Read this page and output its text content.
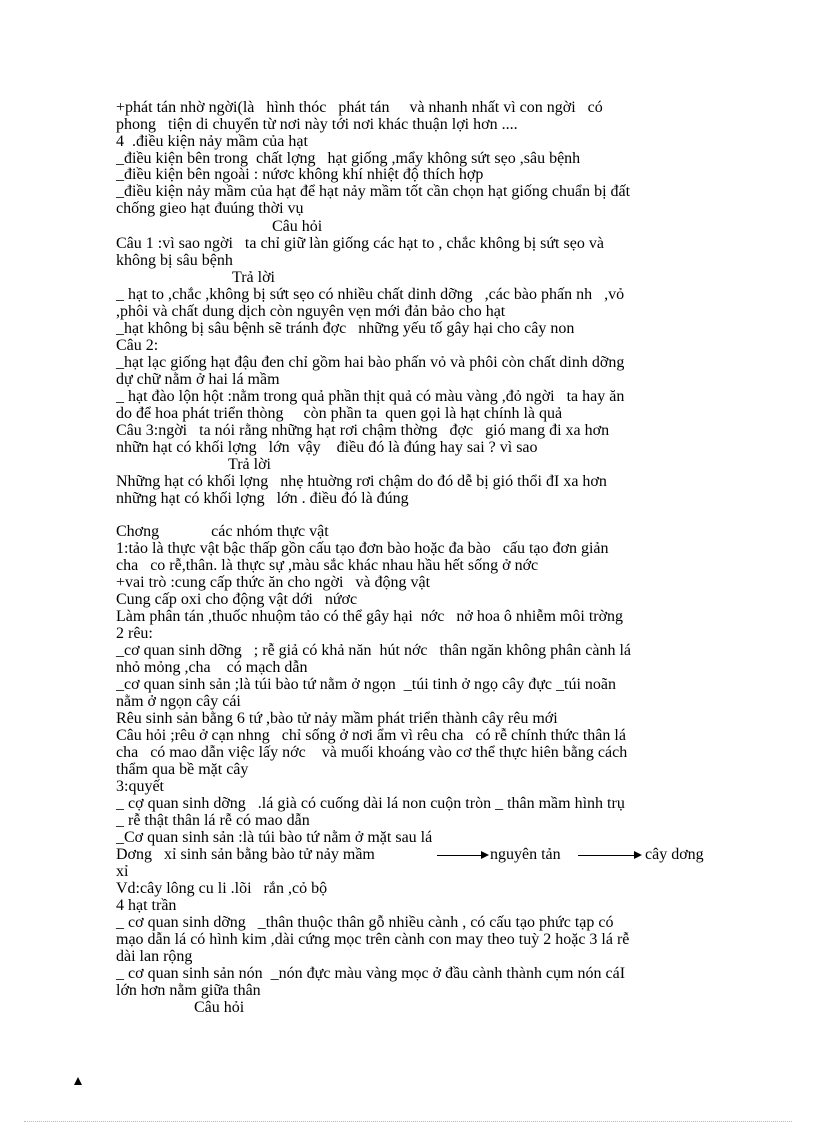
+phát tán nhờ ngời(là   hình thóc   phát tán     và nhanh nhất vì con ngời   có
phong   tiện di chuyển từ nơi này tới nơi khác thuận lợi hơn ....
4  .điều kiện nảy mầm của hạt
_điều kiện bên trong  chất lợng   hạt giống ,mẩy không sứt sẹo ,sâu bệnh
_điều kiện bên ngoài : nứơc không khí nhiệt độ thích hợp
_điều kiện nảy mầm của hạt để hạt nảy mầm tốt cần chọn hạt giống chuẩn bị đất
chống gieo hạt đuúng thời vụ
Câu hỏi
Câu 1 :vì sao ngời   ta chỉ giữ làn giống các hạt to , chắc không bị sứt sẹo và
không bị sâu bệnh
Trả lời
_ hạt to ,chắc ,không bị sứt sẹo có nhiều chất dinh dỡng   ,các bào phấn nh   ,vỏ
,phôi và chất dung dịch còn nguyên vẹn mới đản bảo cho hạt
_hạt không bị sâu bệnh sẽ tránh đợc   những yếu tố gây hại cho cây non
Câu 2:
_hạt lạc giống hạt đậu đen chỉ gồm hai bào phấn vỏ và phôi còn chất dinh dỡng
dự chữ nằm ở hai lá mầm
_ hạt đào lộn hột :nằm trong quả phần thịt quả có màu vàng ,đỏ ngời   ta hay ăn
do để hoa phát triển thòng     còn phần ta  quen gọi là hạt chính là quả
Câu 3:ngời   ta nói rằng những hạt rơi chậm thờng   đợc   gió mang đi xa hơn
nhữn hạt có khối lợng   lớn  vậy    điều đó là đúng hay sai ? vì sao
Trả lời
Những hạt có khối lợng   nhẹ htuờng rơi chậm do đó dễ bị gió thổi đI xa hơn
những hạt có khối lợng   lớn . điều đó là đúng
Chơng             các nhóm thực vật
1:tảo là thực vật bậc thấp gồn cấu tạo đơn bào hoặc đa bào   cấu tạo đơn giản
cha   co rễ,thân. là thực sự ,màu sắc khác nhau hầu hết sống ở nớc
+vai trò :cung cấp thức ăn cho ngời   và động vật
Cung cấp oxi cho động vật dới   nứơc
Làm phân tán ,thuốc nhuộm tảo có thể gây hại  nớc   nở hoa ô nhiễm môi trờng
2 rêu:
_cơ quan sinh dỡng   ; rễ giả có khả năn  hút nớc   thân ngăn không phân cành lá
nhỏ mỏng ,cha    có mạch dẫn
_cơ quan sinh sản ;là túi bào tứ nằm ở ngọn  _túi tinh ở ngọ cây đực _túi noãn
nằm ở ngọn cây cái
Rêu sinh sản bằng 6 tứ ,bào tử nảy mầm phát triển thành cây rêu mới
Câu hỏi ;rêu ở cạn nhng   chỉ sống ở nơi ẩm vì rêu cha   có rễ chính thức thân lá
cha   có mao dẫn việc lấy nớc    và muối khoáng vào cơ thể thực hiên bằng cách
thẩm qua bề mặt cây
3:quyết
_ cợ quan sinh dỡng   .lá già có cuống dài lá non cuộn tròn _ thân mầm hình trụ
_ rễ thật thân lá rễ có mao dẫn
_Cơ quan sinh sản :là túi bào tứ nằm ở mặt sau lá
Dơng   xỉ sinh sản bằng bào tử nảy mầm	nguyên tản	cây dơng
xỉ
Vd:cây lông cu li .lõi   rắn ,cỏ bộ
4 hạt trần
_ cơ quan sinh dỡng   _thân thuộc thân gỗ nhiều cành , có cấu tạo phức tạp có
mạo dẫn lá có hình kim ,dài cứng mọc trên cành con may theo tuỳ 2 hoặc 3 lá rễ
dài lan rộng
_ cơ quan sinh sản nón  _nón đực màu vàng mọc ở đầu cành thành cụm nón cáI
lớn hơn nằm giữa thân
Câu hỏi
